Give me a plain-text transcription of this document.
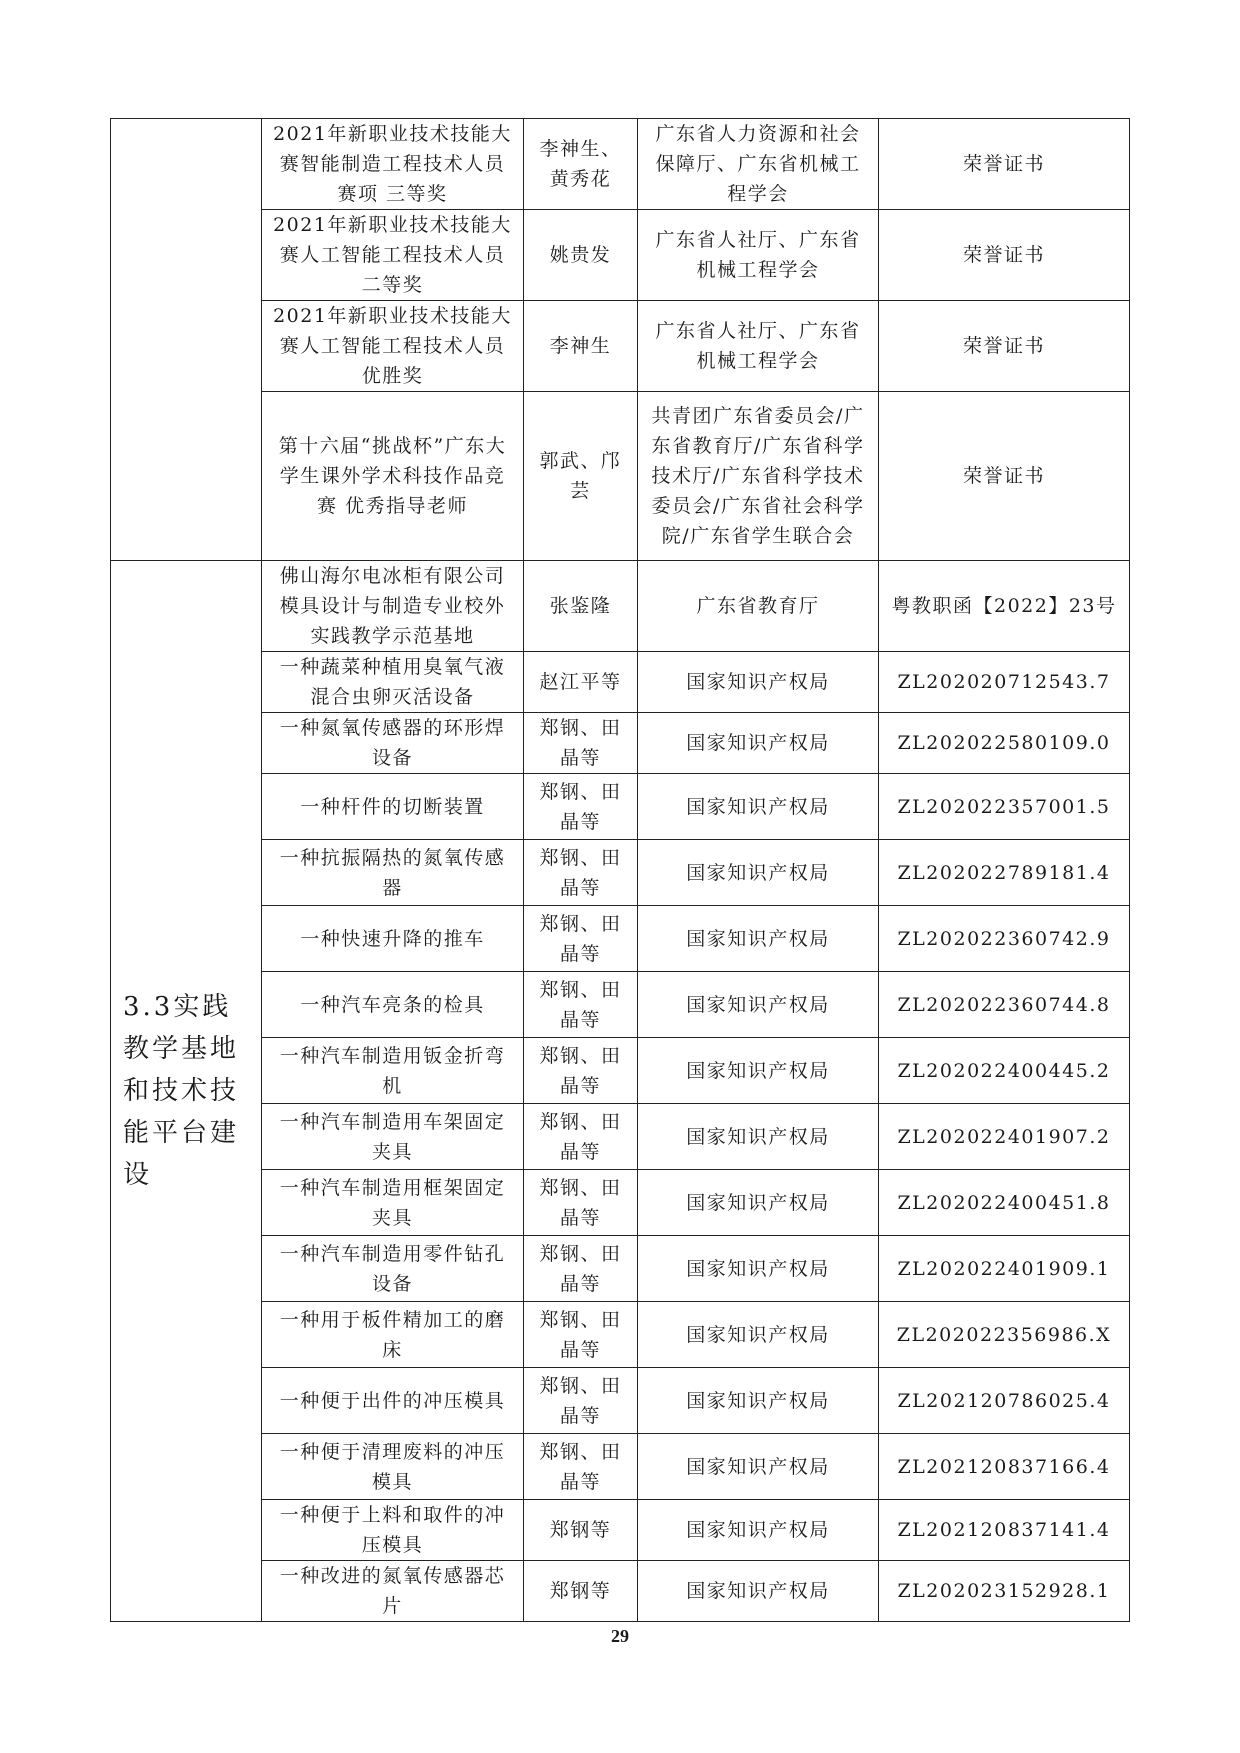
	2021年新职业技术技能大赛智能制造工程技术人员赛项 三等奖	李神生、黄秀花	广东省人力资源和社会保障厅、广东省机械工程学会	荣誉证书
	2021年新职业技术技能大赛人工智能工程技术人员 二等奖	姚贵发	广东省人社厅、广东省机械工程学会	荣誉证书
	2021年新职业技术技能大赛人工智能工程技术人员 优胜奖	李神生	广东省人社厅、广东省机械工程学会	荣誉证书
	第十六届“挑战杯”广东大学生课外学术科技作品竞赛 优秀指导老师	郭武、邝芸	共青团广东省委员会/广东省教育厅/广东省科学技术厅/广东省科学技术委员会/广东省社会科学院/广东省学生联合会	荣誉证书
3.3实践教学基地和技术技能平台建设	佛山海尔电冰柜有限公司模具设计与制造专业校外实践教学示范基地	张鉴隆	广东省教育厅	粤教职函【2022】23号
	一种蔬菜种植用臭氧气液混合虫卵灭活设备	赵江平等	国家知识产权局	ZL202020712543.7
	一种氮氧传感器的环形焊设备	郑钢、田晶等	国家知识产权局	ZL202022580109.0
	一种杆件的切断装置	郑钢、田晶等	国家知识产权局	ZL202022357001.5
	一种抗振隔热的氮氧传感器	郑钢、田晶等	国家知识产权局	ZL202022789181.4
	一种快速升降的推车	郑钢、田晶等	国家知识产权局	ZL202022360742.9
	一种汽车亮条的检具	郑钢、田晶等	国家知识产权局	ZL202022360744.8
	一种汽车制造用钣金折弯机	郑钢、田晶等	国家知识产权局	ZL202022400445.2
	一种汽车制造用车架固定夹具	郑钢、田晶等	国家知识产权局	ZL202022401907.2
	一种汽车制造用框架固定夹具	郑钢、田晶等	国家知识产权局	ZL202022400451.8
	一种汽车制造用零件钻孔设备	郑钢、田晶等	国家知识产权局	ZL202022401909.1
	一种用于板件精加工的磨床	郑钢、田晶等	国家知识产权局	ZL202022356986.X
	一种便于出件的冲压模具	郑钢、田晶等	国家知识产权局	ZL202120786025.4
	一种便于清理废料的冲压模具	郑钢、田晶等	国家知识产权局	ZL202120837166.4
	一种便于上料和取件的冲压模具	郑钢等	国家知识产权局	ZL202120837141.4
	一种改进的氮氧传感器芯片	郑钢等	国家知识产权局	ZL202023152928.1
29
